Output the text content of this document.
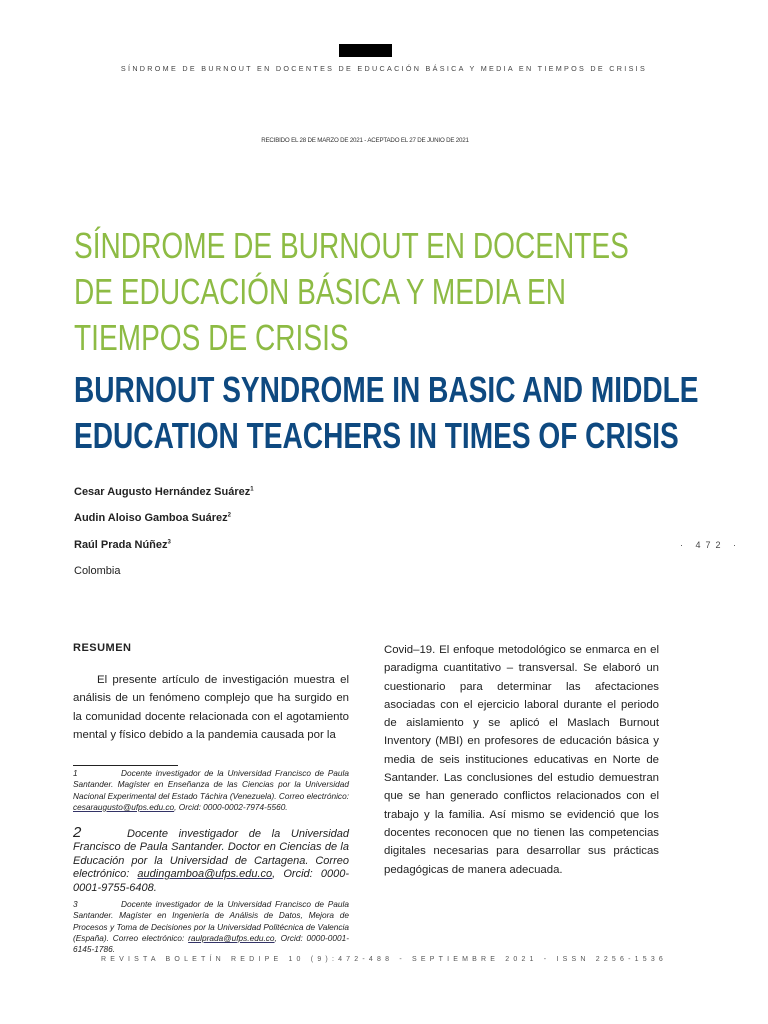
SÍNDROME DE BURNOUT EN DOCENTES DE EDUCACIÓN BÁSICA Y MEDIA EN TIEMPOS DE CRISIS
RECIBIDO EL 28 DE MARZO DE 2021 - ACEPTADO EL 27 DE JUNIO DE 2021
SÍNDROME DE BURNOUT EN DOCENTES
DE EDUCACIÓN BÁSICA Y MEDIA EN
TIEMPOS DE CRISIS
BURNOUT SYNDROME IN BASIC AND MIDDLE
EDUCATION TEACHERS IN TIMES OF CRISIS
Cesar Augusto Hernández Suárez$^1$
Audin Aloiso Gamboa Suárez$^2$
Raúl Prada Núñez$^3$
Colombia
· 472 ·
RESUMEN
El presente artículo de investigación muestra el análisis de un fenómeno complejo que ha surgido en la comunidad docente relacionada con el agotamiento mental y físico debido a la pandemia causada por la
Covid–19. El enfoque metodológico se enmarca en el paradigma cuantitativo – transversal. Se elaboró un cuestionario para determinar las afectaciones asociadas con el ejercicio laboral durante el periodo de aislamiento y se aplicó el Maslach Burnout Inventory (MBI) en profesores de educación básica y media de seis instituciones educativas en Norte de Santander. Las conclusiones del estudio demuestran que se han generado conflictos relacionados con el trabajo y la familia. Así mismo se evidenció que los docentes reconocen que no tienen las competencias digitales necesarias para desarrollar sus prácticas pedagógicas de manera adecuada.
1	Docente investigador de la Universidad Francisco de Paula Santander. Magíster en Enseñanza de las Ciencias por la Universidad Nacional Experimental del Estado Táchira (Venezuela). Correo electrónico: cesaraugusto@ufps.edu.co, Orcid: 0000-0002-7974-5560.
2	Docente investigador de la Universidad Francisco de Paula Santander. Doctor en Ciencias de la Educación por la Universidad de Cartagena. Correo electrónico: audingamboa@ufps.edu.co, Orcid: 0000-0001-9755-6408.
3	Docente investigador de la Universidad Francisco de Paula Santander. Magíster en Ingeniería de Análisis de Datos, Mejora de Procesos y Toma de Decisiones por la Universidad Politécnica de Valencia (España). Correo electrónico: raulprada@ufps.edu.co, Orcid: 0000-0001-6145-1786.
REVISTA BOLETÍN REDIPE 10 (9):472-488 - SEPTIEMBRE 2021 - ISSN 2256-1536
